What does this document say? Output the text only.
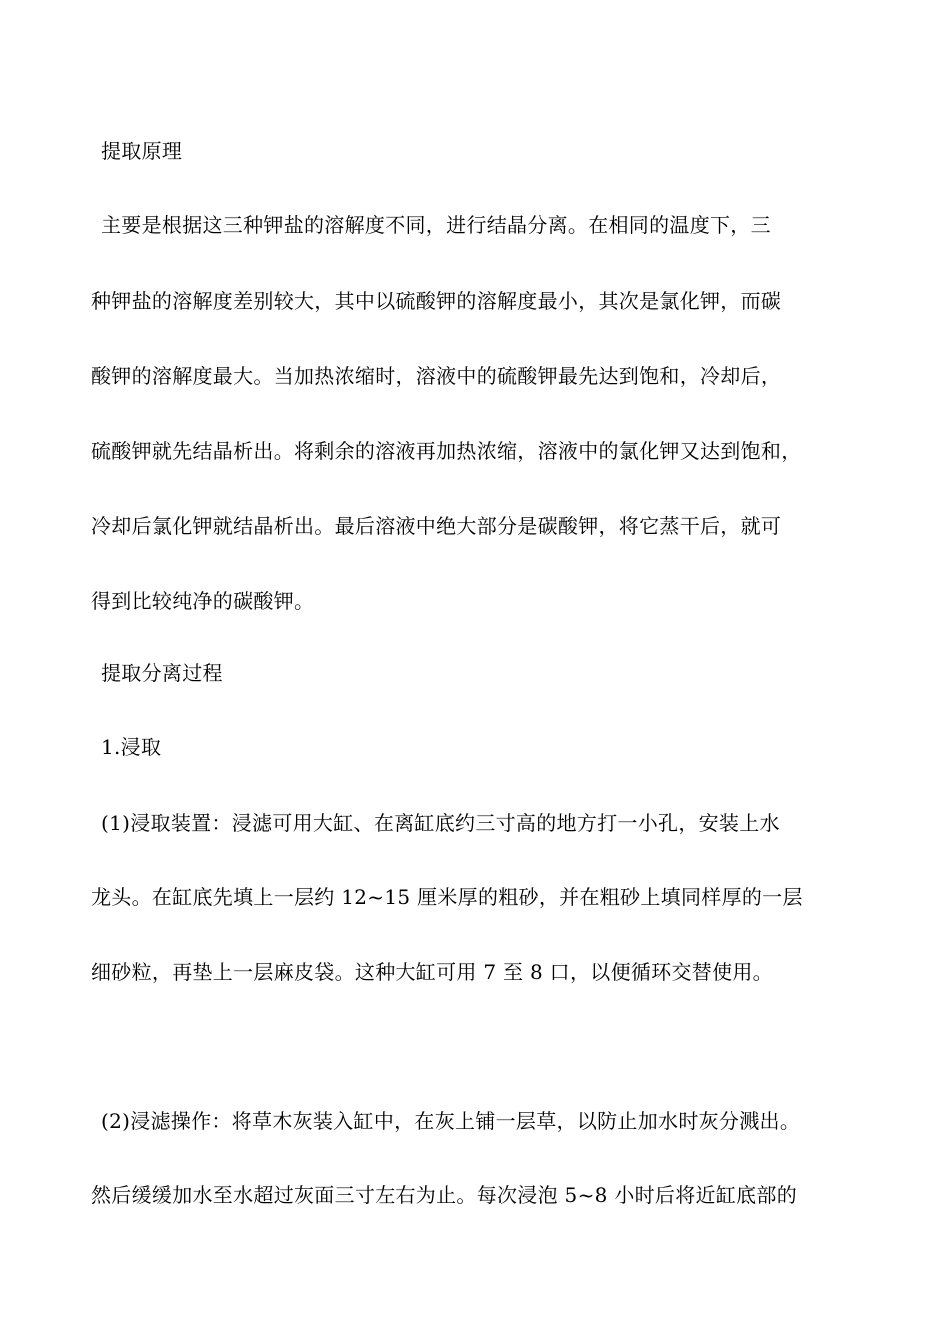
提取原理
主要是根据这三种钾盐的溶解度不同，进行结晶分离。在相同的温度下，三
种钾盐的溶解度差别较大，其中以硫酸钾的溶解度最小，其次是氯化钾，而碳
酸钾的溶解度最大。当加热浓缩时，溶液中的硫酸钾最先达到饱和，冷却后，
硫酸钾就先结晶析出。将剩余的溶液再加热浓缩，溶液中的氯化钾又达到饱和，
冷却后氯化钾就结晶析出。最后溶液中绝大部分是碳酸钾，将它蒸干后，就可
得到比较纯净的碳酸钾。
提取分离过程
1.浸取
(1)浸取装置：浸滤可用大缸、在离缸底约三寸高的地方打一小孔，安装上水
龙头。在缸底先填上一层约 12~15 厘米厚的粗砂，并在粗砂上填同样厚的一层
细砂粒，再垫上一层麻皮袋。这种大缸可用 7 至 8 口，以便循环交替使用。
(2)浸滤操作：将草木灰装入缸中，在灰上铺一层草，以防止加水时灰分溅出。
然后缓缓加水至水超过灰面三寸左右为止。每次浸泡 5~8 小时后将近缸底部的
